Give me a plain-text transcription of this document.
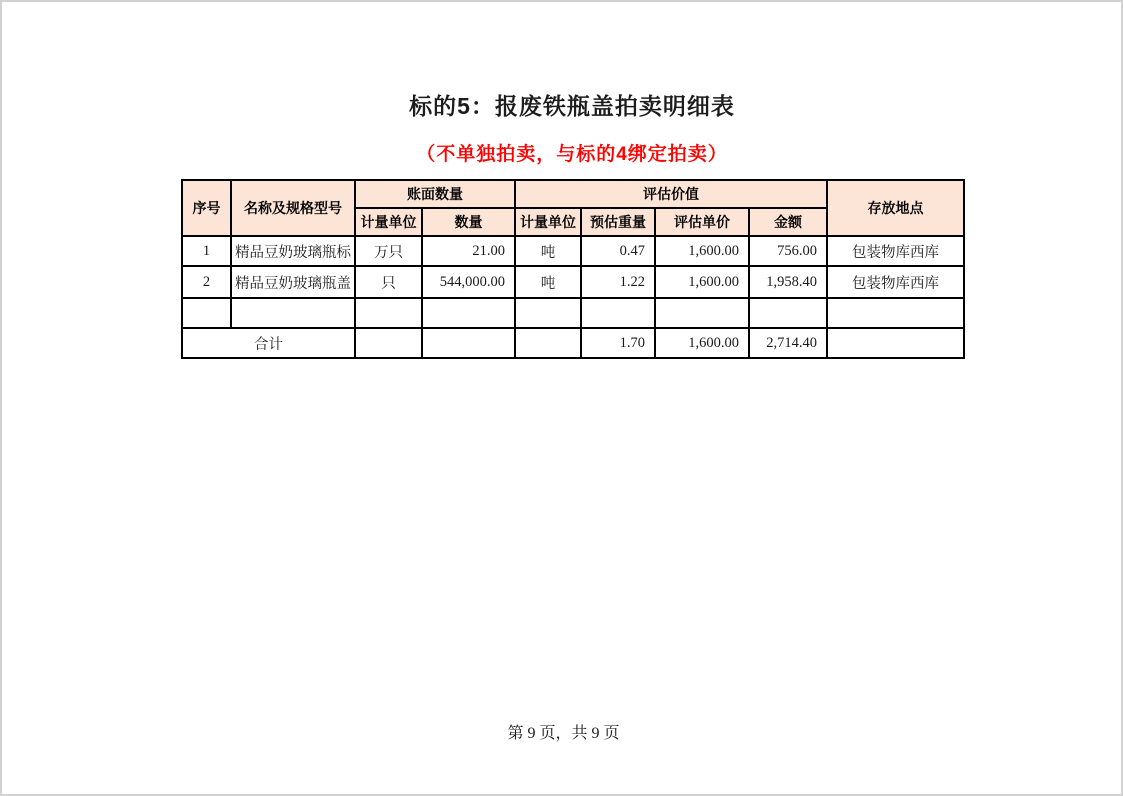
标的5：报废铁瓶盖拍卖明细表
（不单独拍卖，与标的4绑定拍卖）
序号	名称及规格型号	账面数量		评估价值				存放地点
		计量单位	数量	计量单位	预估重量	评估单价	金额	
1	精品豆奶玻璃瓶标	万只	21.00	吨	0.47	1,600.00	756.00	包装物库西库
2	精品豆奶玻璃瓶盖	只	544,000.00	吨	1.22	1,600.00	1,958.40	包装物库西库

合计					1.70	1,600.00	2,714.40	
第 9 页，共 9 页
